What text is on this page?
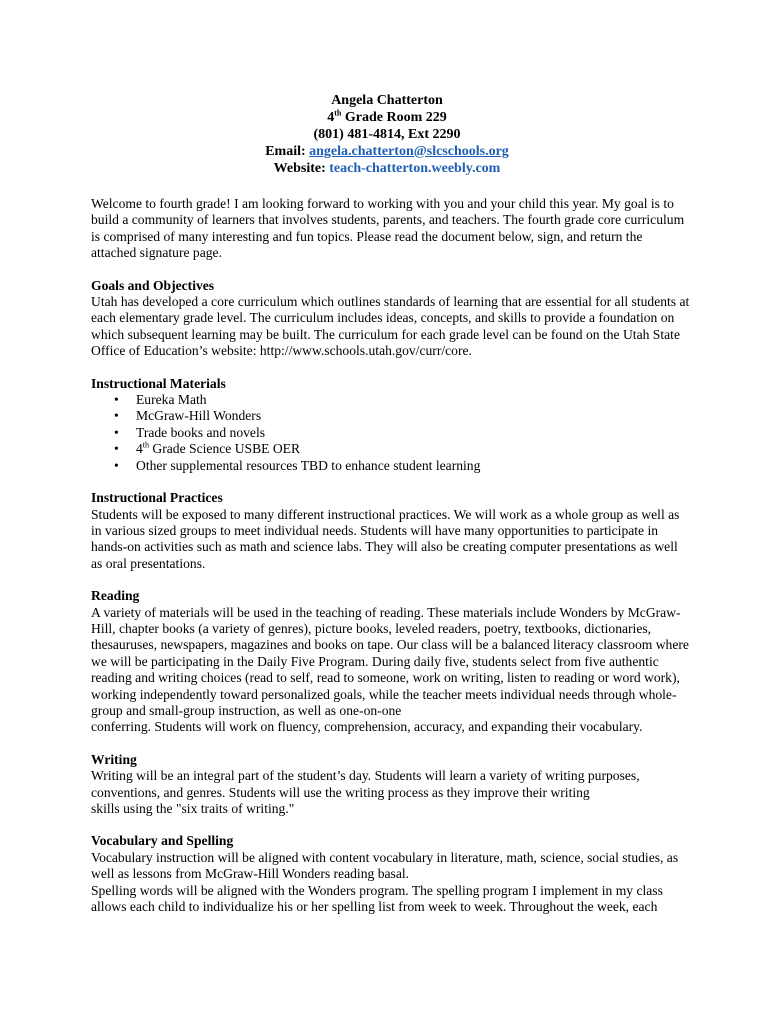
Angela Chatterton
4th Grade Room 229
(801) 481-4814, Ext 2290
Email: angela.chatterton@slcschools.org
Website: teach-chatterton.weebly.com

Welcome to fourth grade! I am looking forward to working with you and your child this year. My goal is to build a community of learners that involves students, parents, and teachers. The fourth grade core curriculum is comprised of many interesting and fun topics. Please read the document below, sign, and return the attached signature page.

Goals and Objectives

Utah has developed a core curriculum which outlines standards of learning that are essential for all students at each elementary grade level. The curriculum includes ideas, concepts, and skills to provide a foundation on which subsequent learning may be built. The curriculum for each grade level can be found on the Utah State Office of Education’s website: http://www.schools.utah.gov/curr/core.

Instructional Materials
• Eureka Math
• McGraw-Hill Wonders
• Trade books and novels
• 4th Grade Science USBE OER
• Other supplemental resources TBD to enhance student learning
Instructional Practices

Students will be exposed to many different instructional practices. We will work as a whole group as well as in various sized groups to meet individual needs. Students will have many opportunities to participate in hands-on activities such as math and science labs. They will also be creating computer presentations as well as oral presentations.

Reading

A variety of materials will be used in the teaching of reading. These materials include Wonders by McGraw-Hill, chapter books (a variety of genres), picture books, leveled readers, poetry, textbooks, dictionaries, thesauruses, newspapers, magazines and books on tape. Our class will be a balanced literacy classroom where we will be participating in the Daily Five Program. During daily five, students select from five authentic reading and writing choices (read to self, read to someone, work on writing, listen to reading or word work), working independently toward personalized goals, while the teacher meets individual needs through whole-group and small-group instruction, as well as one-on-one

conferring. Students will work on fluency, comprehension, accuracy, and expanding their vocabulary.

Writing

Writing will be an integral part of the student’s day. Students will learn a variety of writing purposes, conventions, and genres. Students will use the writing process as they improve their writing

skills using the "six traits of writing."

Vocabulary and Spelling

Vocabulary instruction will be aligned with content vocabulary in literature, math, science, social studies, as well as lessons from McGraw-Hill Wonders reading basal.

Spelling words will be aligned with the Wonders program. The spelling program I implement in my class allows each child to individualize his or her spelling list from week to week. Throughout the week, each
